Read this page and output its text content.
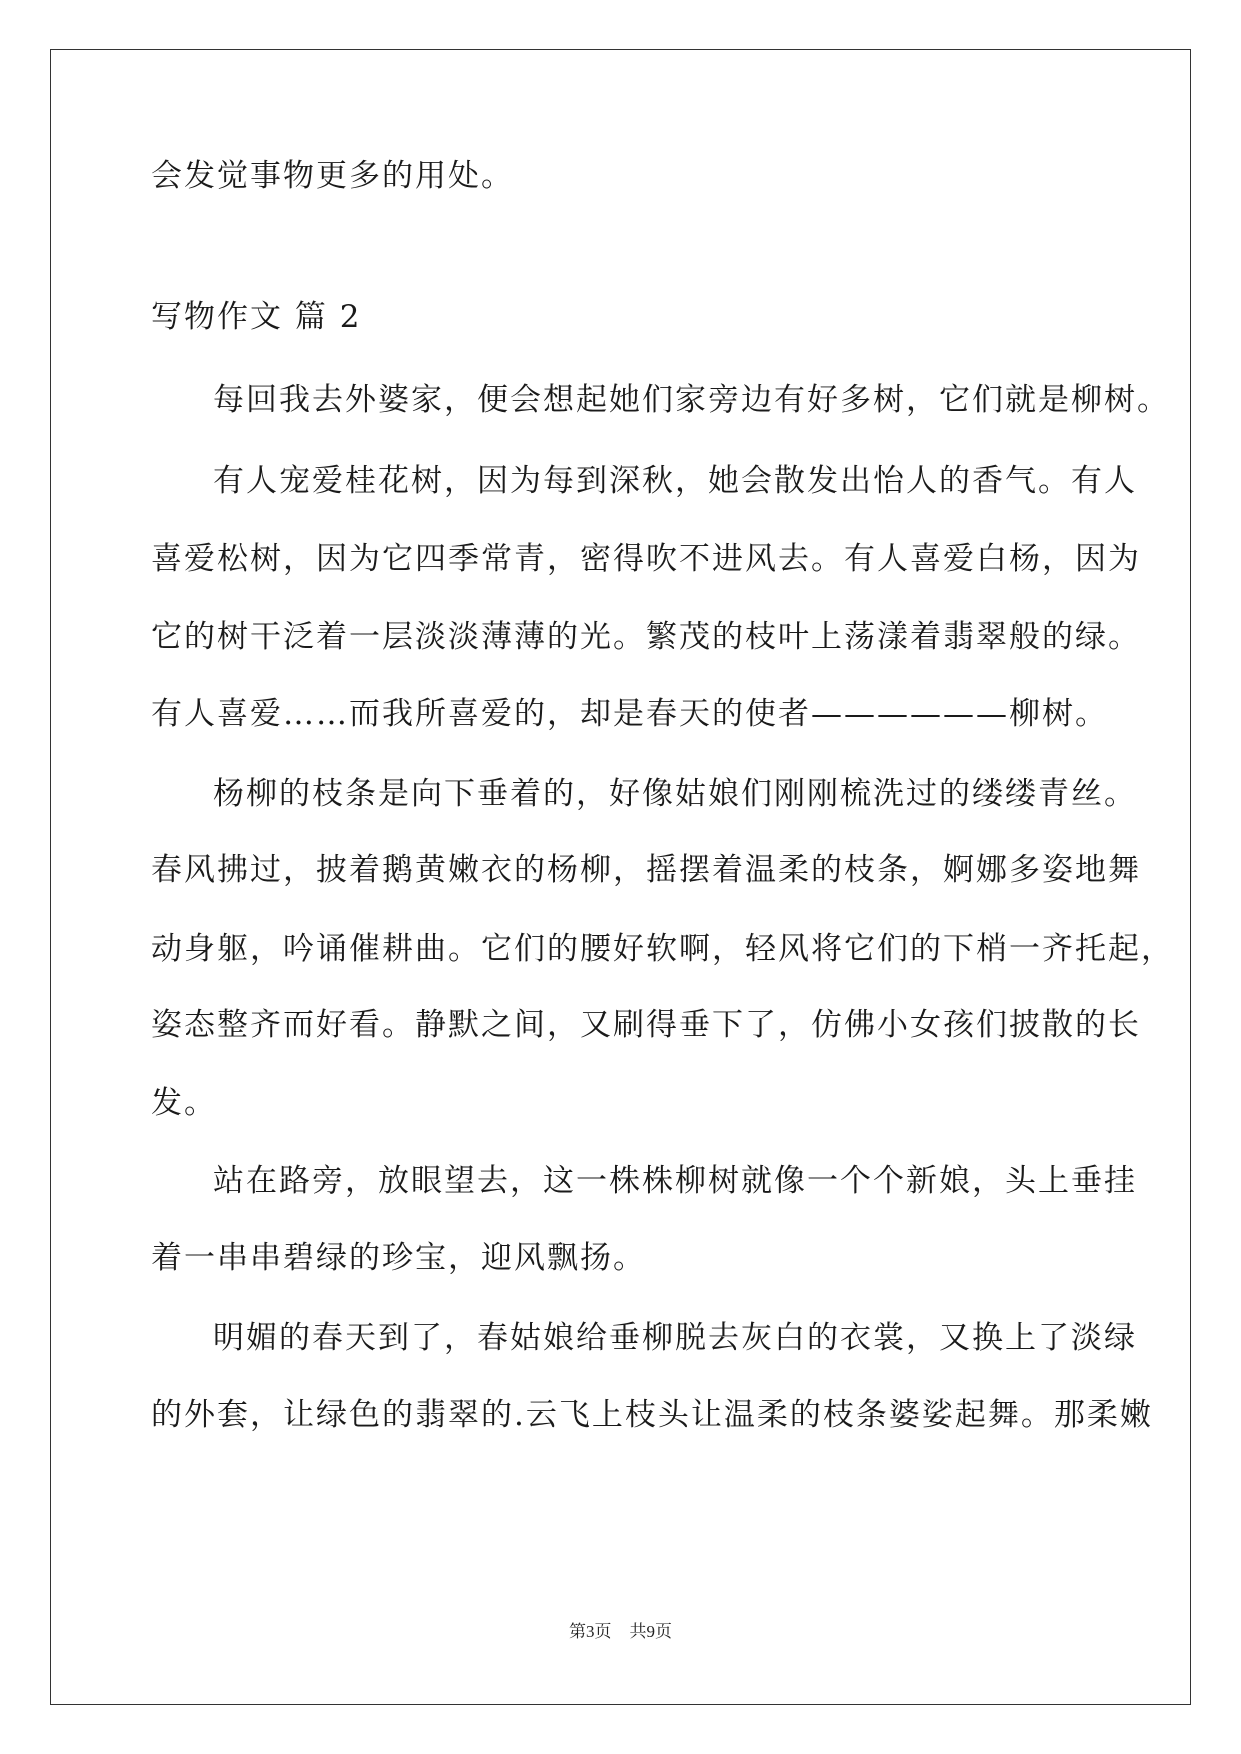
会发觉事物更多的用处。
写物作文 篇 2
每回我去外婆家，便会想起她们家旁边有好多树，它们就是柳树。
有人宠爱桂花树，因为每到深秋，她会散发出怡人的香气。有人
喜爱松树，因为它四季常青，密得吹不进风去。有人喜爱白杨，因为
它的树干泛着一层淡淡薄薄的光。繁茂的枝叶上荡漾着翡翠般的绿。
有人喜爱……而我所喜爱的，却是春天的使者——————柳树。
杨柳的枝条是向下垂着的，好像姑娘们刚刚梳洗过的缕缕青丝。
春风拂过，披着鹅黄嫩衣的杨柳，摇摆着温柔的枝条，婀娜多姿地舞
动身躯，吟诵催耕曲。它们的腰好软啊，轻风将它们的下梢一齐托起，
姿态整齐而好看。静默之间，又刷得垂下了，仿佛小女孩们披散的长
发。
站在路旁，放眼望去，这一株株柳树就像一个个新娘，头上垂挂
着一串串碧绿的珍宝，迎风飘扬。
明媚的春天到了，春姑娘给垂柳脱去灰白的衣裳，又换上了淡绿
的外套，让绿色的翡翠的.云飞上枝头让温柔的枝条婆娑起舞。那柔嫩
第3页 共9页
